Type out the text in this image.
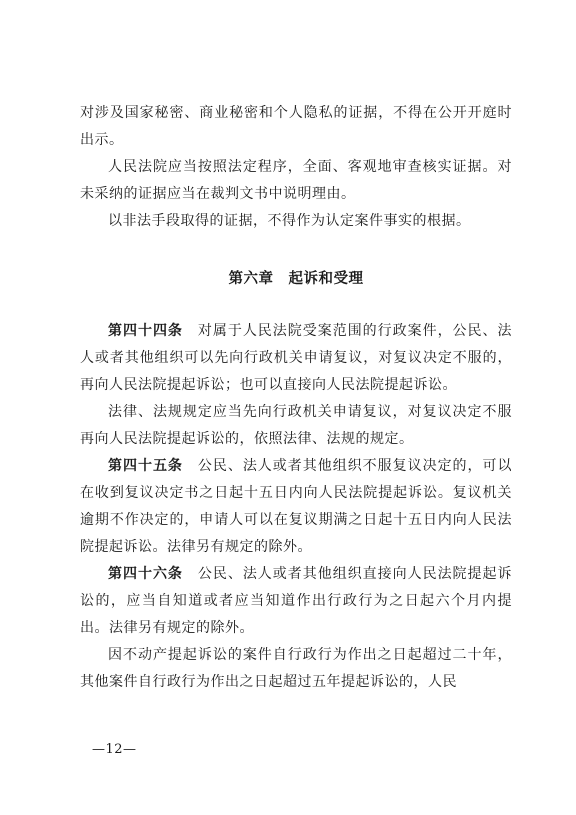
对涉及国家秘密、商业秘密和个人隐私的证据，不得在公开开庭时出示。

人民法院应当按照法定程序，全面、客观地审查核实证据。对未采纳的证据应当在裁判文书中说明理由。

以非法手段取得的证据，不得作为认定案件事实的根据。

第六章　起诉和受理

第四十四条　对属于人民法院受案范围的行政案件，公民、法人或者其他组织可以先向行政机关申请复议，对复议决定不服的，再向人民法院提起诉讼；也可以直接向人民法院提起诉讼。

法律、法规规定应当先向行政机关申请复议，对复议决定不服再向人民法院提起诉讼的，依照法律、法规的规定。

第四十五条　公民、法人或者其他组织不服复议决定的，可以在收到复议决定书之日起十五日内向人民法院提起诉讼。复议机关逾期不作决定的，申请人可以在复议期满之日起十五日内向人民法院提起诉讼。法律另有规定的除外。

第四十六条　公民、法人或者其他组织直接向人民法院提起诉讼的，应当自知道或者应当知道作出行政行为之日起六个月内提出。法律另有规定的除外。

因不动产提起诉讼的案件自行政行为作出之日起超过二十年，其他案件自行政行为作出之日起超过五年提起诉讼的，人民

—12—
